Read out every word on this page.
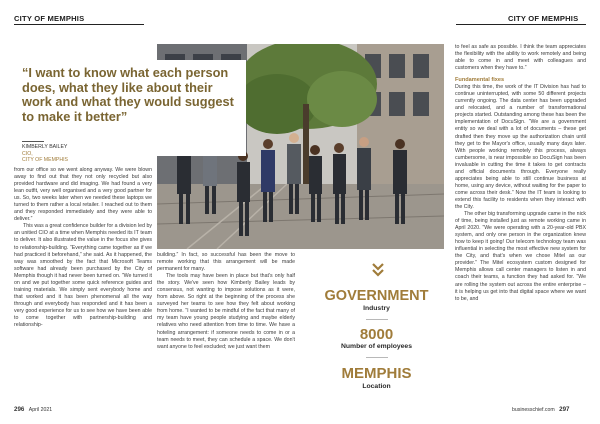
CITY OF MEMPHIS	CITY OF MEMPHIS
“I want to know what each person does, what they like about their work and what they would suggest to make it better”
KIMBERLY BAILEY
CIO,
CITY OF MEMPHIS

from our office so we went along anyway. We were blown away to find out that they not only recycled but also provided hardware and did imaging. We had found a very lean outfit, very well organised and a very good partner for us. So, two weeks later when we needed these laptops we turned to them rather a local retailer. I reached out to them and they responded immediately and they were able to deliver.”

This was a great confidence builder for a division led by an unitied CIO at a time when Memphis needed its IT team to deliver. It also illustrated the value in the focus she gives to relationship-building. “Everything came together as if we had practiced it beforehand,” she said. As it happened, the way was smoothed by the fact that Microsoft Teams software had already been purchased by the City of Memphis though it had never been turned on. “We turned it on and we put together some quick reference guides and training materials. We simply sent everybody home and that worked and it has been phenomenal all the way through and everybody has responded and it has been a very good experience for us to see how we have been able to come together with partnership-building and relationship-

building.” In fact, so successful has been the move to remote working that this arrangement will be made permanent for many.

The tools may have been in place but that's only half the story. We've seen how Kimberly Bailey leads by consensus, not wanting to impose solutions as it were, from above. So right at the beginning of the process she surveyed her teams to see how they felt about working from home. “I wanted to be mindful of the fact that many of my team have young people studying and maybe elderly relatives who need attention from time to time. We have a hoteling arrangement: if someone needs to come in or a team needs to meet, they can schedule a space. We don't want anyone to feel excluded; we just want them

GOVERNMENT
Industry
8000
Number of employees
MEMPHIS
Location

to feel as safe as possible. I think the team appreciates the flexibility with the ability to work remotely and being able to come in and meet with colleagues and customers when they have to.”

Fundamental fixes

During this time, the work of the IT Division has had to continue uninterrupted, with some 50 different projects currently ongoing. The data center has been upgraded and relocated, and a number of transformational projects started. Outstanding among these has been the implementation of DocuSign. “We are a government entity so we deal with a lot of documents – these get drafted then they move up the authorization chain until they get to the Mayor's office, usually many days later. With people working remotely this process, always cumbersome, is near impossible so DocuSign has been invaluable in cutting the time it takes to get contracts and official documents through. Everyone really appreciates being able to still continue business at home, using any device, without waiting for the paper to come across their desk.” Now the IT team is looking to extend this facility to residents when they interact with the City.

The other big transforming upgrade came in the nick of time, being installed just as remote working came in April 2020. “We were operating with a 20-year-old PBX system, and only one person in the organization knew how to keep it going! Our telecom technology team was influential in selecting the most effective new system for the City, and that's when we chose Mitel as our provider.” The Mitel ecosystem custom designed for Memphis allows call center managers to listen in and coach their teams, a function they had asked for. “We are rolling the system out across the entire enterprise – it is helping us get into that digital space where we want to be, and

296 April 2021	businesschief.com 297
